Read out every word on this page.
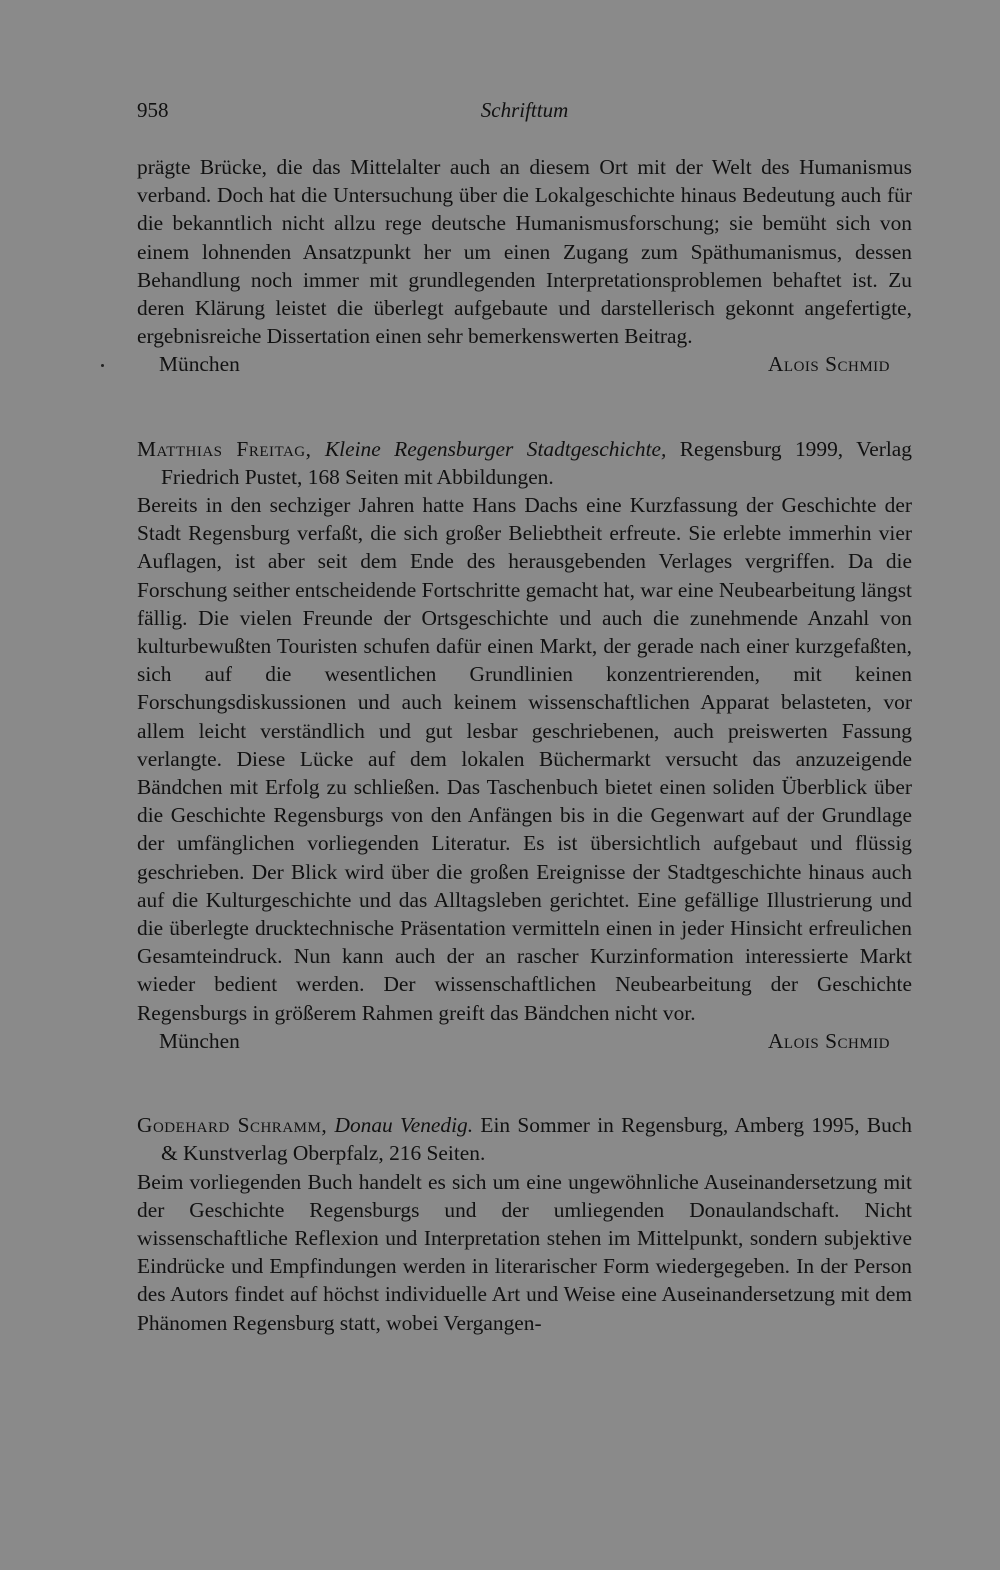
958	Schrifttum

prägte Brücke, die das Mittelalter auch an diesem Ort mit der Welt des Humanismus verband. Doch hat die Untersuchung über die Lokalgeschichte hinaus Bedeutung auch für die bekanntlich nicht allzu rege deutsche Humanismusforschung; sie bemüht sich von einem lohnenden Ansatzpunkt her um einen Zugang zum Späthumanismus, dessen Behandlung noch immer mit grundlegenden Interpretationsproblemen behaftet ist. Zu deren Klärung leistet die überlegt aufgebaute und darstellerisch gekonnt angefertigte, ergebnisreiche Dissertation einen sehr bemerkenswerten Beitrag.

München	Alois Schmid

Matthias Freitag, Kleine Regensburger Stadtgeschichte, Regensburg 1999, Verlag Friedrich Pustet, 168 Seiten mit Abbildungen.

Bereits in den sechziger Jahren hatte Hans Dachs eine Kurzfassung der Geschichte der Stadt Regensburg verfaßt, die sich großer Beliebtheit erfreute. Sie erlebte immerhin vier Auflagen, ist aber seit dem Ende des herausgebenden Verlages vergriffen. Da die Forschung seither entscheidende Fortschritte gemacht hat, war eine Neubearbeitung längst fällig. Die vielen Freunde der Ortsgeschichte und auch die zunehmende Anzahl von kulturbewußten Touristen schufen dafür einen Markt, der gerade nach einer kurzgefaßten, sich auf die wesentlichen Grundlinien konzentrierenden, mit keinen Forschungsdiskussionen und auch keinem wissenschaftlichen Apparat belasteten, vor allem leicht verständlich und gut lesbar geschriebenen, auch preiswerten Fassung verlangte. Diese Lücke auf dem lokalen Büchermarkt versucht das anzuzeigende Bändchen mit Erfolg zu schließen. Das Taschenbuch bietet einen soliden Überblick über die Geschichte Regensburgs von den Anfängen bis in die Gegenwart auf der Grundlage der umfänglichen vorliegenden Literatur. Es ist übersichtlich aufgebaut und flüssig geschrieben. Der Blick wird über die großen Ereignisse der Stadtgeschichte hinaus auch auf die Kulturgeschichte und das Alltagsleben gerichtet. Eine gefällige Illustrierung und die überlegte drucktechnische Präsentation vermitteln einen in jeder Hinsicht erfreulichen Gesamteindruck. Nun kann auch der an rascher Kurzinformation interessierte Markt wieder bedient werden. Der wissenschaftlichen Neubearbeitung der Geschichte Regensburgs in größerem Rahmen greift das Bändchen nicht vor.

München	Alois Schmid

Godehard Schramm, Donau Venedig. Ein Sommer in Regensburg, Amberg 1995, Buch & Kunstverlag Oberpfalz, 216 Seiten.

Beim vorliegenden Buch handelt es sich um eine ungewöhnliche Auseinandersetzung mit der Geschichte Regensburgs und der umliegenden Donaulandschaft. Nicht wissenschaftliche Reflexion und Interpretation stehen im Mittelpunkt, sondern subjektive Eindrücke und Empfindungen werden in literarischer Form wiedergegeben. In der Person des Autors findet auf höchst individuelle Art und Weise eine Auseinandersetzung mit dem Phänomen Regensburg statt, wobei Vergangen-
